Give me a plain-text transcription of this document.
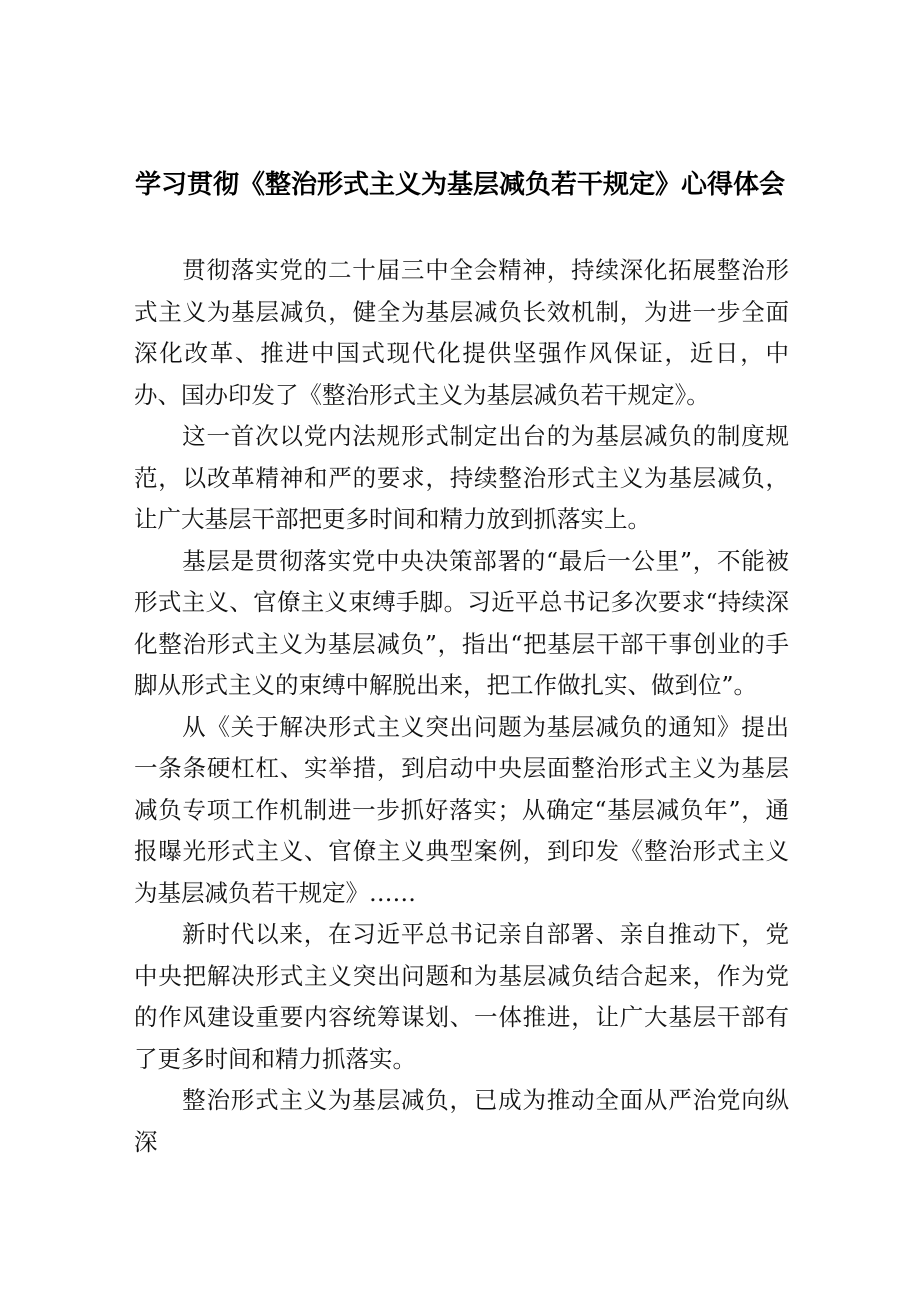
学习贯彻《整治形式主义为基层减负若干规定》心得体会

贯彻落实党的二十届三中全会精神，持续深化拓展整治形式主义为基层减负，健全为基层减负长效机制，为进一步全面深化改革、推进中国式现代化提供坚强作风保证，近日，中办、国办印发了《整治形式主义为基层减负若干规定》。

这一首次以党内法规形式制定出台的为基层减负的制度规范，以改革精神和严的要求，持续整治形式主义为基层减负，让广大基层干部把更多时间和精力放到抓落实上。

基层是贯彻落实党中央决策部署的“最后一公里”，不能被形式主义、官僚主义束缚手脚。习近平总书记多次要求“持续深化整治形式主义为基层减负”，指出“把基层干部干事创业的手脚从形式主义的束缚中解脱出来，把工作做扎实、做到位”。

从《关于解决形式主义突出问题为基层减负的通知》提出一条条硬杠杠、实举措，到启动中央层面整治形式主义为基层减负专项工作机制进一步抓好落实；从确定“基层减负年”，通报曝光形式主义、官僚主义典型案例，到印发《整治形式主义为基层减负若干规定》……

新时代以来，在习近平总书记亲自部署、亲自推动下，党中央把解决形式主义突出问题和为基层减负结合起来，作为党的作风建设重要内容统筹谋划、一体推进，让广大基层干部有了更多时间和精力抓落实。

整治形式主义为基层减负，已成为推动全面从严治党向纵深
